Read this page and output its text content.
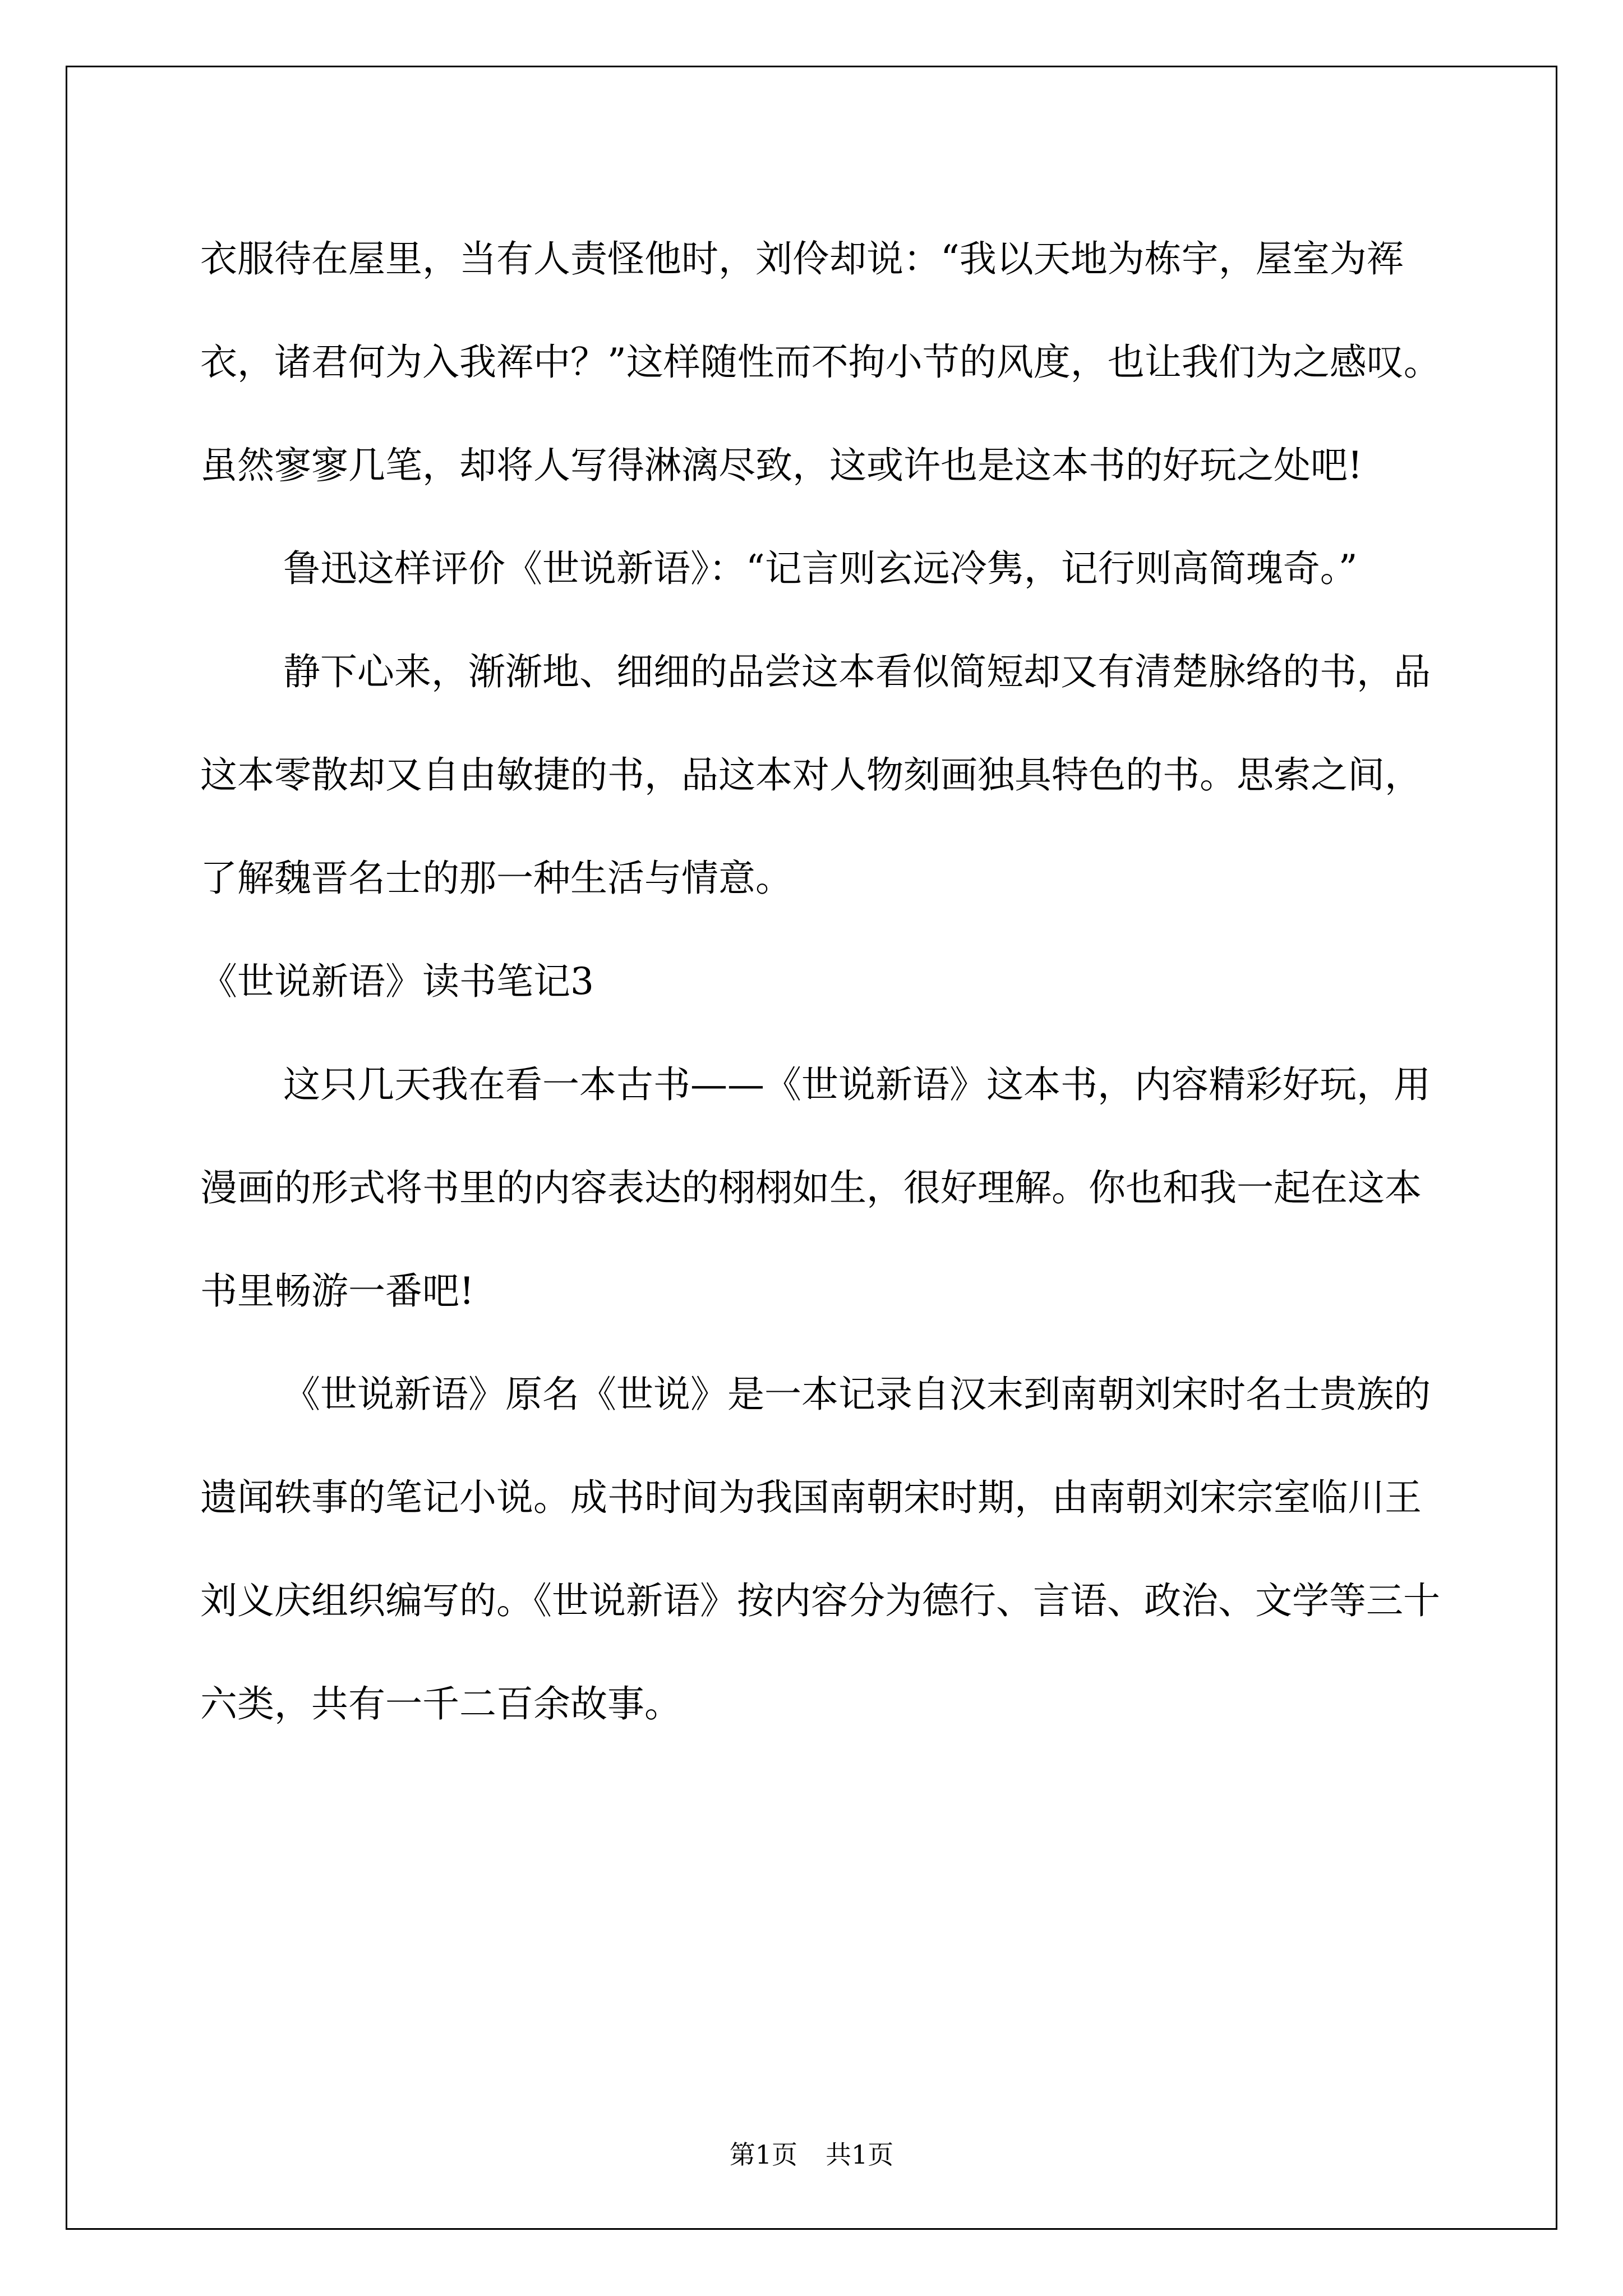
衣服待在屋里，当有人责怪他时，刘伶却说：“我以天地为栋宇，屋室为裈衣，诸君何为入我裈中？”这样随性而不拘小节的风度，也让我们为之感叹。虽然寥寥几笔，却将人写得淋漓尽致，这或许也是这本书的好玩之处吧!

鲁迅这样评价《世说新语》：“记言则玄远冷隽，记行则高简瑰奇。”

静下心来，渐渐地、细细的品尝这本看似简短却又有清楚脉络的书，品这本零散却又自由敏捷的书，品这本对人物刻画独具特色的书。思索之间，了解魏晋名士的那一种生活与情意。

《世说新语》读书笔记3

这只几天我在看一本古书——《世说新语》这本书，内容精彩好玩，用漫画的形式将书里的内容表达的栩栩如生，很好理解。你也和我一起在这本书里畅游一番吧!

《世说新语》原名《世说》是一本记录自汉末到南朝刘宋时名士贵族的遗闻轶事的笔记小说。成书时间为我国南朝宋时期，由南朝刘宋宗室临川王刘义庆组织编写的。《世说新语》按内容分为德行、言语、政治、文学等三十六类，共有一千二百余故事。

第1页 共1页
